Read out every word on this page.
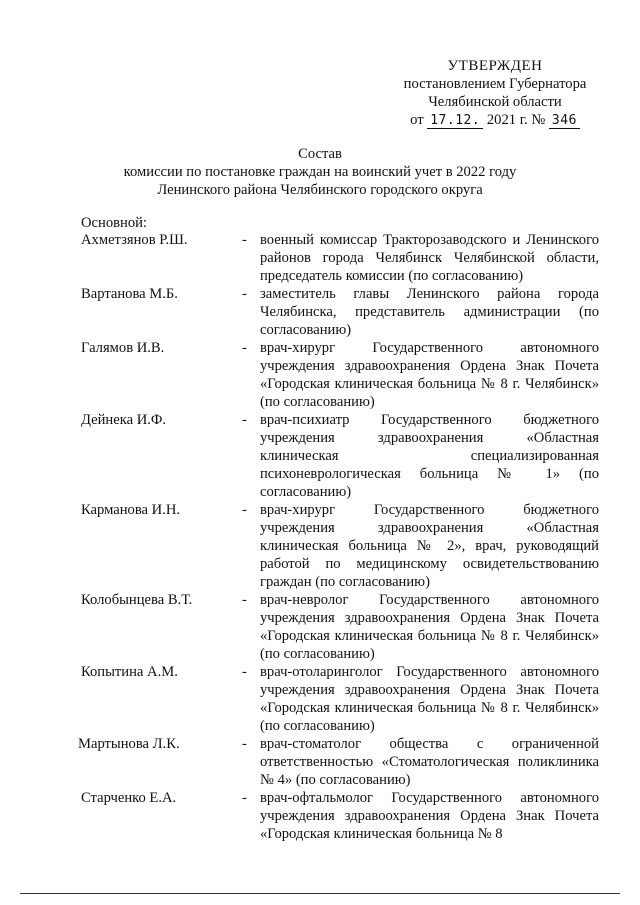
УТВЕРЖДЕН
постановлением Губернатора
Челябинской области
от 17.12. 2021 г. № 346
Состав
комиссии по постановке граждан на воинский учет в 2022 году
Ленинского района Челябинского городского округа
Основной:
Ахметзянов Р.Ш.	- военный комиссар Тракторозаводского и Ленинского районов города Челябинск Челябинской области, председатель комиссии (по согласованию)
Вартанова М.Б.	- заместитель главы Ленинского района города Челябинска, представитель администрации (по согласованию)
Галямов И.В.	- врач-хирург Государственного автономного учреждения здравоохранения Ордена Знак Почета «Городская клиническая больница № 8 г. Челябинск» (по согласованию)
Дейнека И.Ф.	- врач-психиатр Государственного бюджетного учреждения здравоохранения «Областная клиническая специализированная психоневрологическая больница № 1» (по согласованию)
Карманова И.Н.	- врач-хирург Государственного бюджетного учреждения здравоохранения «Областная клиническая больница № 2», врач, руководящий работой по медицинскому освидетельствованию граждан (по согласованию)
Колобынцева В.Т.	- врач-невролог Государственного автономного учреждения здравоохранения Ордена Знак Почета «Городская клиническая больница № 8 г. Челябинск» (по согласованию)
Копытина А.М.	- врач-отоларинголог Государственного автономного учреждения здравоохранения Ордена Знак Почета «Городская клиническая больница № 8 г. Челябинск» (по согласованию)
Мартынова Л.К.	- врач-стоматолог общества с ограниченной ответственностью «Стоматологическая поликлиника № 4» (по согласованию)
Старченко Е.А.	- врач-офтальмолог Государственного автономного учреждения здравоохранения Ордена Знак Почета «Городская клиническая больница № 8
